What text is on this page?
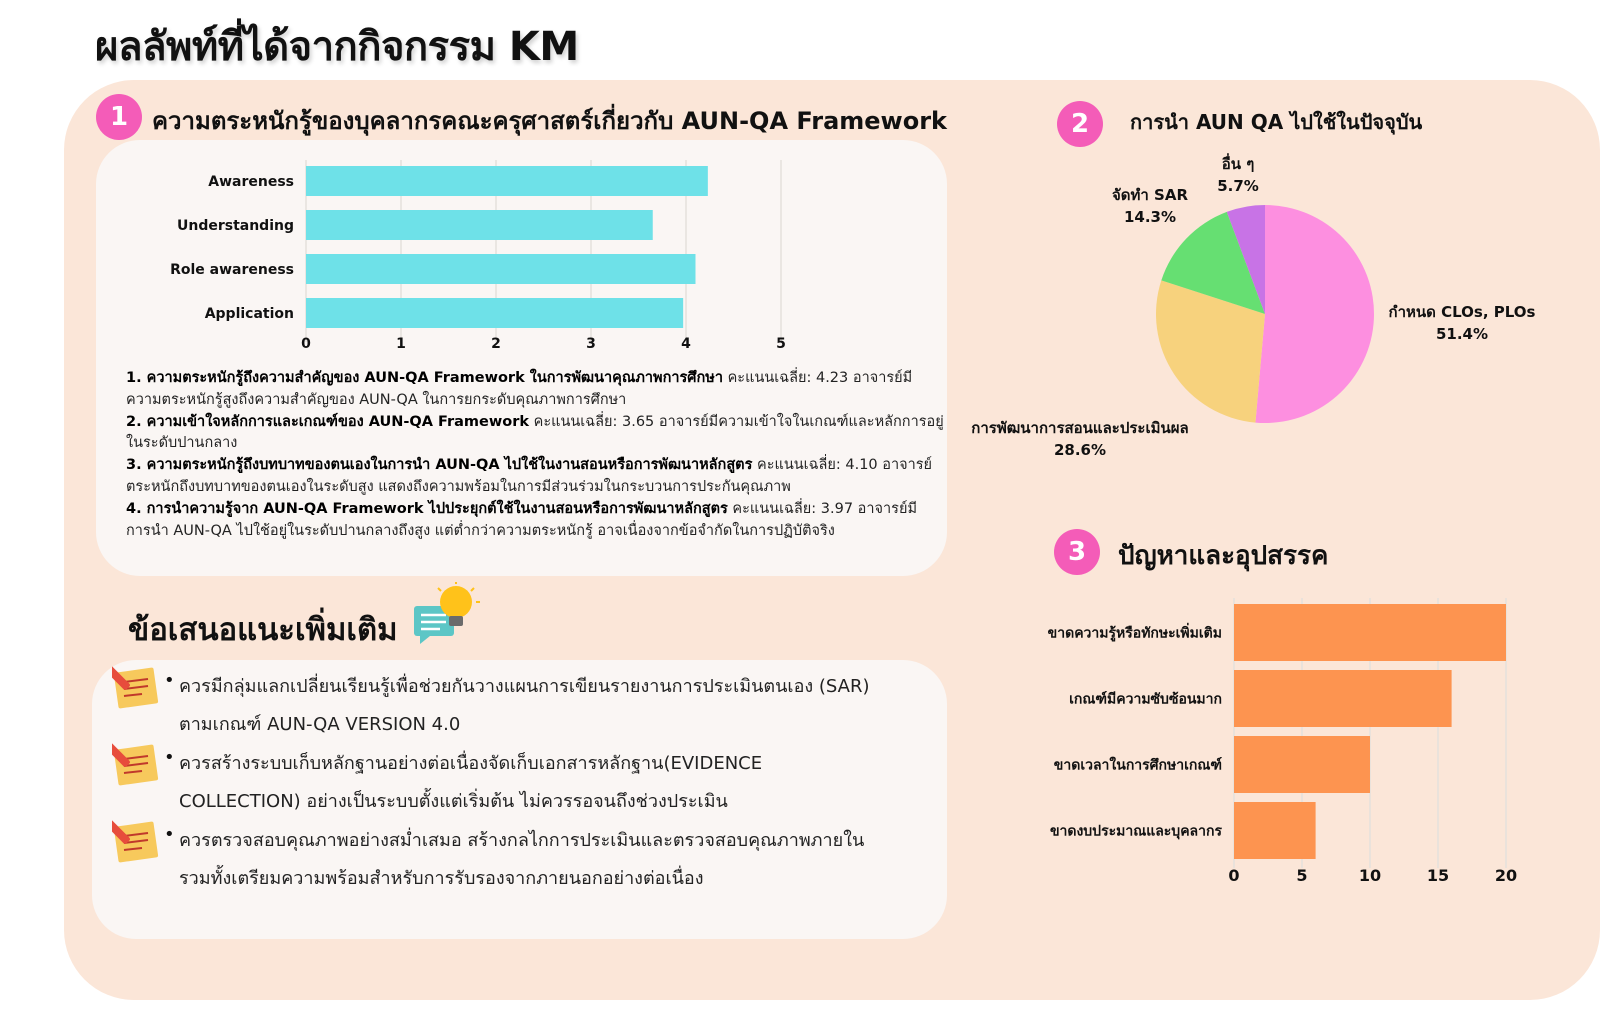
ผลลัพท์ที่ได้จากกิจกรรม KM
1 ความตระหนักรู้ของบุคลากรคณะครุศาสตร์เกี่ยวกับ AUN-QA Framework
Awareness
Understanding
Role awareness
Application
0	1	2	3	4	5

1. ความตระหนักรู้ถึงความสำคัญของ AUN-QA Framework ในการพัฒนาคุณภาพการศึกษา คะแนนเฉลี่ย: 4.23 อาจารย์มีความตระหนักรู้สูงถึงความสำคัญของ AUN-QA ในการยกระดับคุณภาพการศึกษา

2. ความเข้าใจหลักการและเกณฑ์ของ AUN-QA Framework คะแนนเฉลี่ย: 3.65 อาจารย์มีความเข้าใจในเกณฑ์และหลักการอยู่ในระดับปานกลาง

3. ความตระหนักรู้ถึงบทบาทของตนเองในการนำ AUN-QA ไปใช้ในงานสอนหรือการพัฒนาหลักสูตร คะแนนเฉลี่ย: 4.10 อาจารย์ตระหนักถึงบทบาทของตนเองในระดับสูง แสดงถึงความพร้อมในการมีส่วนร่วมในกระบวนการประกันคุณภาพ

4. การนำความรู้จาก AUN-QA Framework ไปประยุกต์ใช้ในงานสอนหรือการพัฒนาหลักสูตร คะแนนเฉลี่ย: 3.97 อาจารย์มีการนำ AUN-QA ไปใช้อยู่ในระดับปานกลางถึงสูง แต่ต่ำกว่าความตระหนักรู้ อาจเนื่องจากข้อจำกัดในการปฏิบัติจริง

ข้อเสนอแนะเพิ่มเติม
• ควรมีกลุ่มแลกเปลี่ยนเรียนรู้เพื่อช่วยกันวางแผนการเขียนรายงานการประเมินตนเอง (SAR)
ตามเกณฑ์ AUN-QA VERSION 4.0
• ควรสร้างระบบเก็บหลักฐานอย่างต่อเนื่องจัดเก็บเอกสารหลักฐาน(EVIDENCE
COLLECTION) อย่างเป็นระบบตั้งแต่เริ่มต้น ไม่ควรรอจนถึงช่วงประเมิน
• ควรตรวจสอบคุณภาพอย่างสม่ำเสมอ สร้างกลไกการประเมินและตรวจสอบคุณภาพภายใน
รวมทั้งเตรียมความพร้อมสำหรับการรับรองจากภายนอกอย่างต่อเนื่อง
2	การนำ AUN QA ไปใช้ในปัจจุบัน
กำหนด CLOs, PLOs
51.4%
การพัฒนาการสอนและประเมินผล
28.6%
จัดทำ SAR
14.3%
อื่น ๆ
5.7%
3	ปัญหาและอุปสรรค
ขาดความรู้หรือทักษะเพิ่มเติม
เกณฑ์มีความซับซ้อนมาก
ขาดเวลาในการศึกษาเกณฑ์
ขาดงบประมาณและบุคลากร
0	5	10	15	20
